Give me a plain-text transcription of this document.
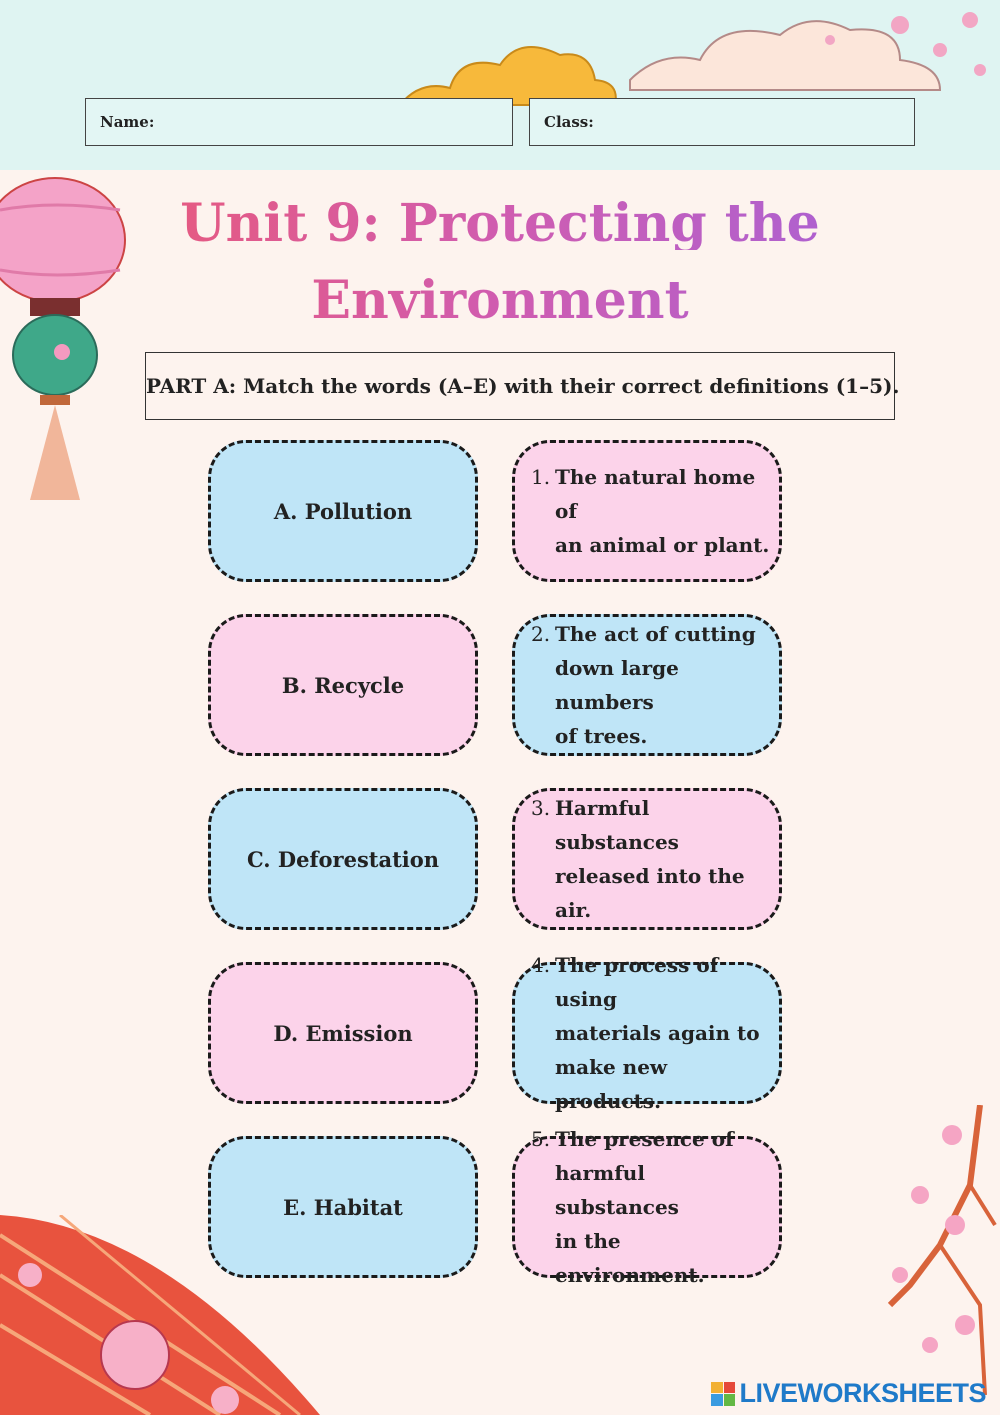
Name:	Class:
Unit 9: Protecting the
Environment
PART A: Match the words (A–E) with their correct definitions (1–5).
A. Pollution
B. Recycle
C. Deforestation
D. Emission
E. Habitat
1. The natural home of
an animal or plant.
2. The act of cutting
down large numbers
of trees.
3. Harmful substances
released into the air.
4. The process of using
materials again to
make new products.
5. The presence of
harmful substances
in the environment.
LIVEWORKSHEETS
